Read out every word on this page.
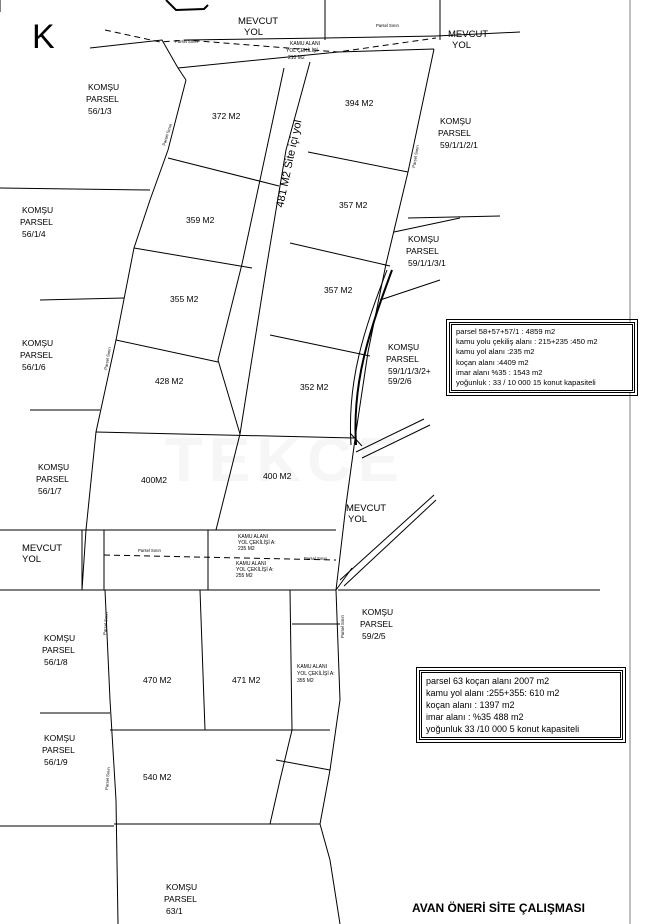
K	MEVCUT
YOL	MEVCUT
YOL
MEVCUT
YOL
MEVCUT
YOL
481 M2 Site içi yol
KAMU ALANI
YOL ÇEKİLİŞİ
210 M2
KAMU ALANI
YOL ÇEKİLİŞİ A:
235 M2
KAMU ALANI
YOL ÇEKİLİŞİ A:
255 M2
KAMU ALANI
YOL ÇEKİLİŞİ A:
355 M2
372 M2
394 M2
359 M2
357 M2
355 M2
357 M2
428 M2
352 M2
400M2	400 M2
470 M2	471 M2
540 M2
KOMŞU
PARSEL
56/1/3
KOMŞU
PARSEL
56/1/4
KOMŞU
PARSEL
56/1/6
KOMŞU
PARSEL
56/1/7
KOMŞU
PARSEL
56/1/8
KOMŞU
PARSEL
56/1/9
KOMŞU
PARSEL
63/1
KOMŞU
PARSEL
59/1/1/2/1
KOMŞU
PARSEL
59/1/1/3/1
KOMŞU
PARSEL
59/1/1/3/2+
59/2/6
KOMŞU
PARSEL
59/2/5
Parsel Sınırı
Parsel Sınırı
Parsel Sınırı
Parsel Sınırı
Parsel Sınırı
Parsel Sınırı
Parsel Sınırı
Parsel Sınırı
Parsel Sınırı
Parsel Sınırı
AVAN ÖNERİ SİTE ÇALIŞMASI
parsel 58+57+57/1 : 4859 m2
kamu yolu çekiliş alanı : 215+235 :450 m2
kamu yol alanı :235 m2
koçan alanı :4409 m2
imar alanı %35 : 1543 m2
yoğunluk : 33 / 10 000 15 konut kapasiteli
parsel 63 koçan alanı 2007 m2
kamu yol alanı :255+355: 610 m2
koçan alanı : 1397 m2
imar alanı : %35 488 m2
yoğunluk 33 /10 000 5 konut kapasiteli
